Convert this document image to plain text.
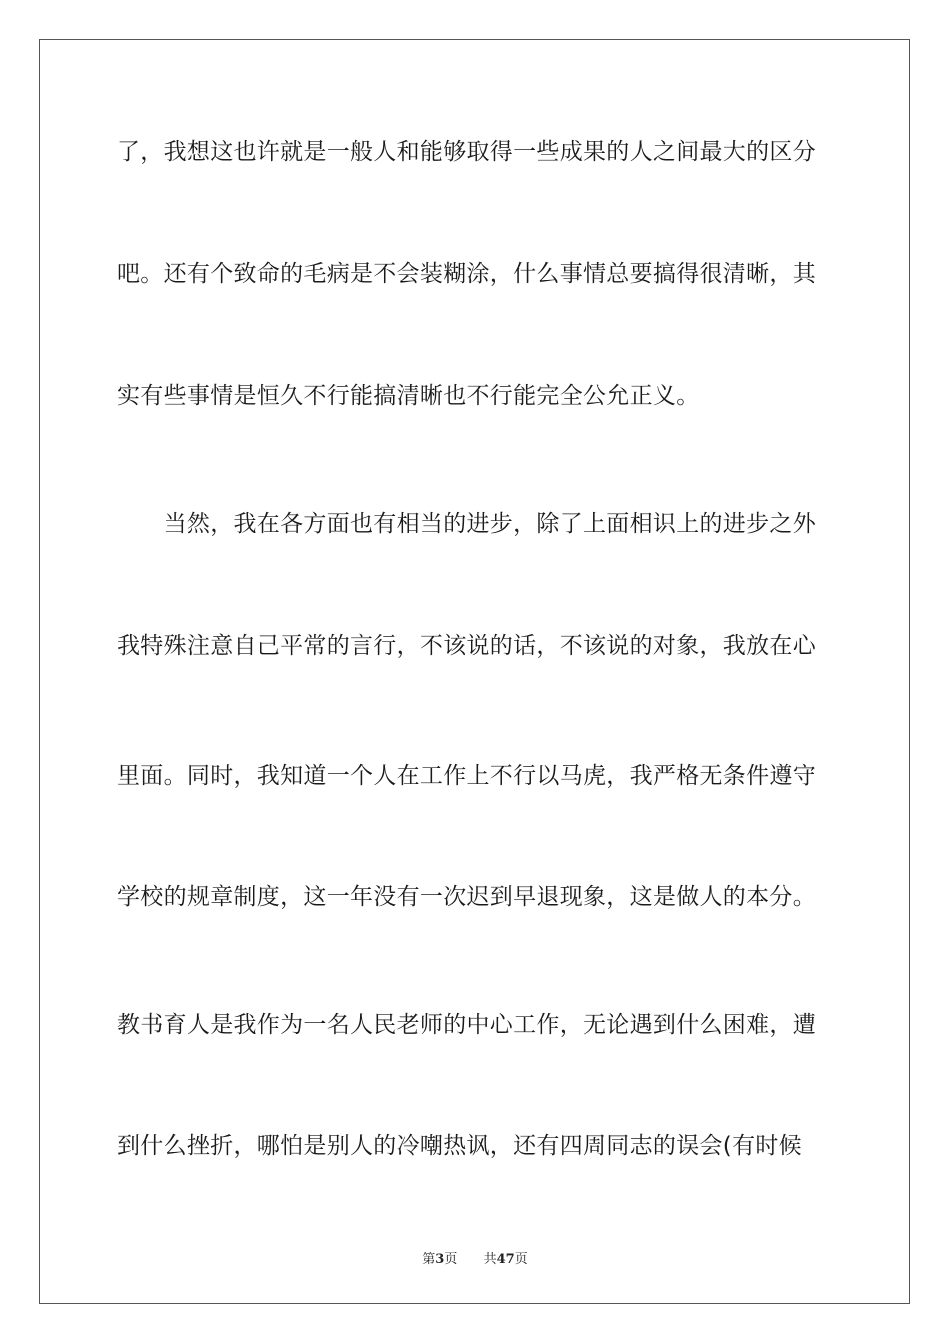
了，我想这也许就是一般人和能够取得一些成果的人之间最大的区分
吧。还有个致命的毛病是不会装糊涂，什么事情总要搞得很清晰，其
实有些事情是恒久不行能搞清晰也不行能完全公允正义。
　　当然，我在各方面也有相当的进步，除了上面相识上的进步之外
我特殊注意自己平常的言行，不该说的话，不该说的对象，我放在心
里面。同时，我知道一个人在工作上不行以马虎，我严格无条件遵守
学校的规章制度，这一年没有一次迟到早退现象，这是做人的本分。
教书育人是我作为一名人民老师的中心工作，无论遇到什么困难，遭
到什么挫折，哪怕是别人的冷嘲热讽，还有四周同志的误会(有时候
第3页 共47页
